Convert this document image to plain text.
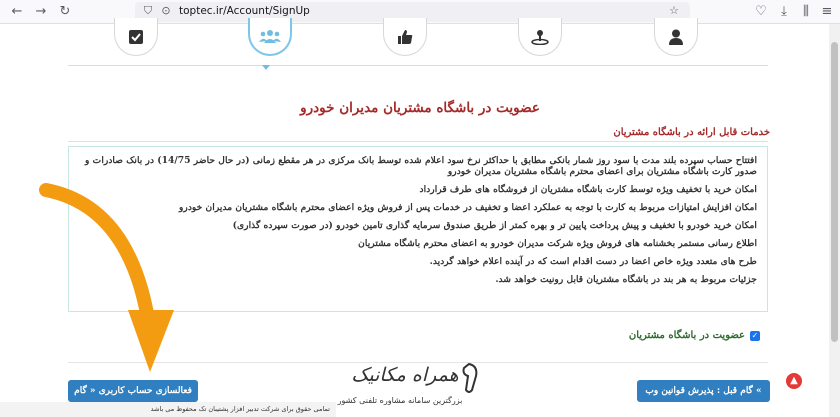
← → ↻	⛉ ⊙ toptec.ir/Account/SignUp	☆	♡	⤓	⫼ ≡
عضویت در باشگاه مشتریان مدیران خودرو
خدمات قابل ارائه در باشگاه مشتریان
افتتاح حساب سپرده بلند مدت با سود روز شمار بانکی مطابق با حداکثر نرخ سود اعلام شده توسط بانک مرکزی در هر مقطع زمانی (در حال حاضر 14/75) در بانک صادرات و صدور کارت باشگاه مشتریان برای اعضای محترم باشگاه مشتریان مدیران خودرو
امکان خرید با تخفیف ویژه توسط کارت باشگاه مشتریان از فروشگاه های طرف قرارداد
امکان افزایش امتیازات مربوط به کارت با توجه به عملکرد اعضا و تخفیف در خدمات پس از فروش ویژه اعضای محترم باشگاه مشتریان مدیران خودرو
امکان خرید خودرو با تخفیف و پیش پرداخت پایین تر و بهره کمتر از طریق صندوق سرمایه گذاری تامین خودرو (در صورت سپرده گذاری)
اطلاع رسانی مستمر بخشنامه های فروش ویژه شرکت مدیران خودرو به اعضای محترم باشگاه مشتریان
طرح های متعدد ویژه خاص اعضا در دست اقدام است که در آینده اعلام خواهد گردید.
جزئیات مربوط به هر بند در باشگاه مشتریان قابل رونیت خواهد شد.
✓
عضویت در باشگاه مشتریان
فعالسازی حساب کاربری « گام	» گام قبل : پذیرش قوانین وب سایت
▲
همراه مکانیک
بزرگترین سامانه مشاوره تلفنی کشور
تمامی حقوق برای شرکت تدبیر افزار پشتیبان تک محفوظ می باشد
